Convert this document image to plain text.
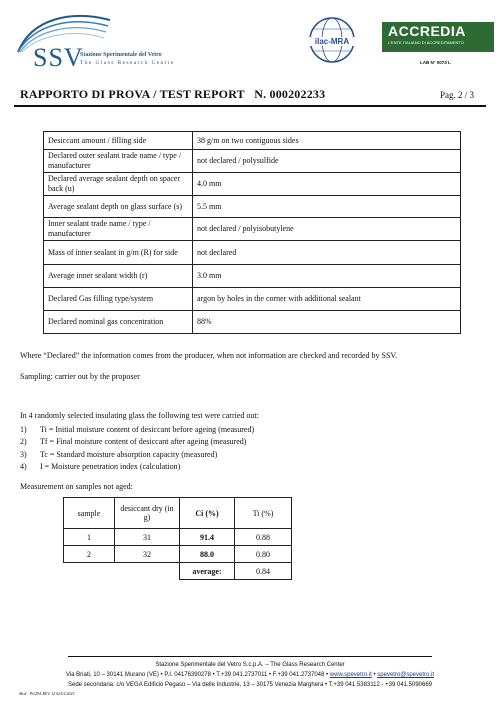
SSV
Stazione Sperimentale del Vetro
The Glass Research Centre
ilac-MRA
ACCREDIA
L'ENTE ITALIANO DI ACCREDITAMENTO
LAB N° 0073 L
RAPPORTO DI PROVA / TEST REPORT   N. 000202233	Pag. 2 / 3
Desiccant amount / filling side	38 g/m on two contiguous sides
Declared outer sealant trade name / type / manufacturer	not declared / polysulfide
Declared average sealant depth on spacer back (u)	4.0 mm
Average sealant depth on glass surface (s)	5.5 mm
Inner sealant trade name / type / manufacturer	not declared / polyisobutylene
Mass of inner sealant in g/m (R) for side	not declared
Average inner sealant width (r)	3.0 mm
Declared Gas filling type/system	argon by holes in the corner with additional sealant
Declared nominal gas concentration	88%
Where “Declared” the information comes from the producer, when not information are checked and recorded by SSV.
Sampling: carrier out by the proposer
In 4 randomly selected insulating glass the following test were carried out:
1) Ti = Initial moisture content of desiccant before ageing (measured)
2) Tf = Final moisture content of desiccant after ageing (measured)
3) Tc = Standard moisture absorption capacity (measured)
4) I = Moisture penetration index (calculation)
Measurement on samples not aged:
sample	desiccant dry (in g)	Ci (%)	Ti (%)
1	31	91.4	0.88
2	32	88.0	0.80
		average:	0.84
Stazione Sperimentale del Vetro S.c.p.A. – The Glass Research Center
Via Briati, 10 – 30141 Murano (VE) • P.I. 04176390278 • T.+39 041.2737011 • F.+39 041.2737048 • www.spevetro.it • spevetro@spevetro.it
Sede secondaria: c/o VEGA Edificio Pegaso – Via delle Industrie, 13 – 30175 Venezia Marghera • T.+39 041.5383112 - +39 041.5090669
Mod : PG29A REV. 12 02/01/2023
